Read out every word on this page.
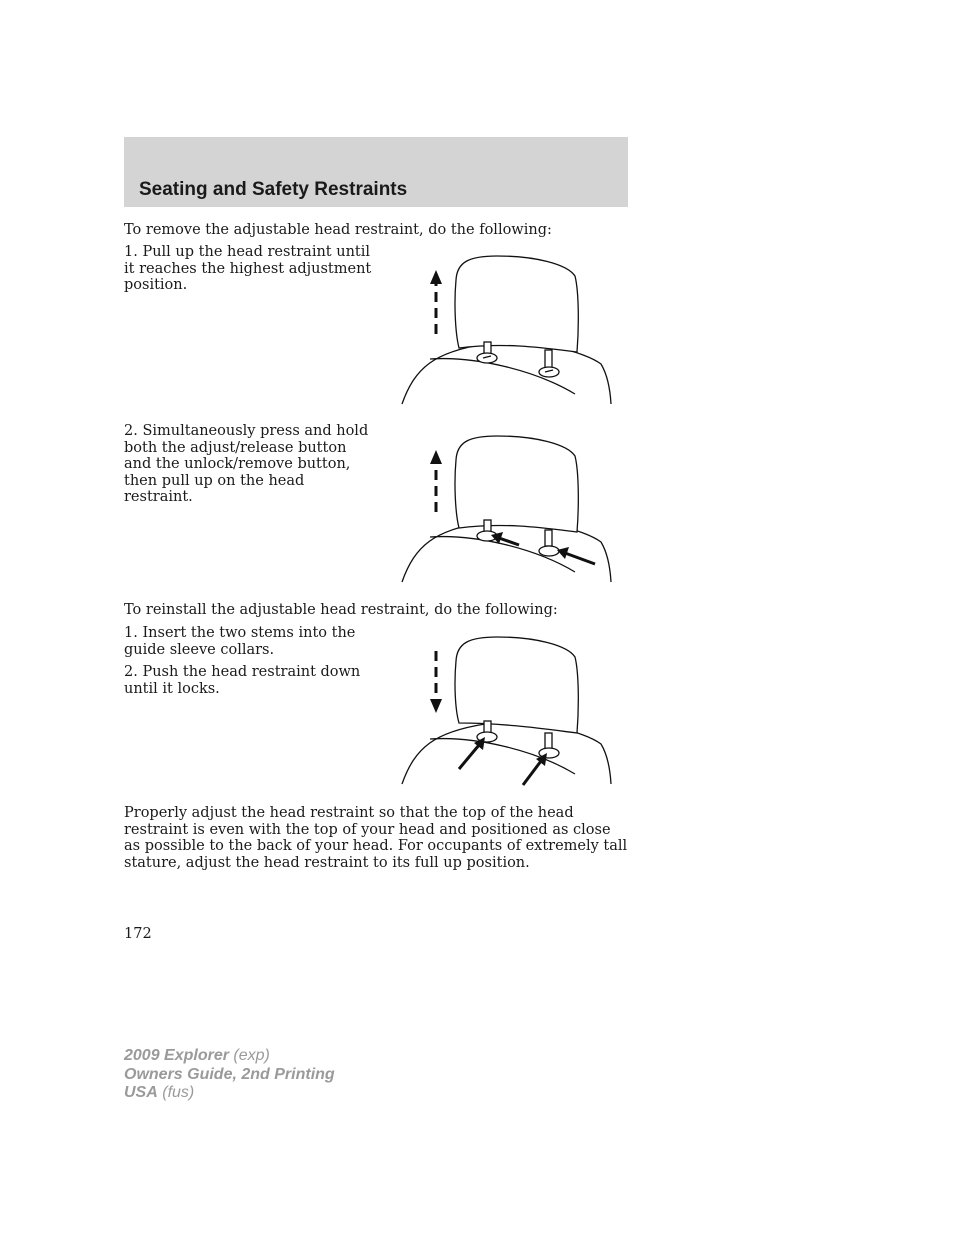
Seating and Safety Restraints

To remove the adjustable head restraint, do the following:

1. Pull up the head restraint until it reaches the highest adjustment position.

2. Simultaneously press and hold both the adjust/release button and the unlock/remove button, then pull up on the head restraint.

To reinstall the adjustable head restraint, do the following:

1. Insert the two stems into the guide sleeve collars.

2. Push the head restraint down until it locks.

Properly adjust the head restraint so that the top of the head restraint is even with the top of your head and positioned as close as possible to the back of your head. For occupants of extremely tall stature, adjust the head restraint to its full up position.

172
2009 Explorer (exp)
Owners Guide, 2nd Printing
USA (fus)
